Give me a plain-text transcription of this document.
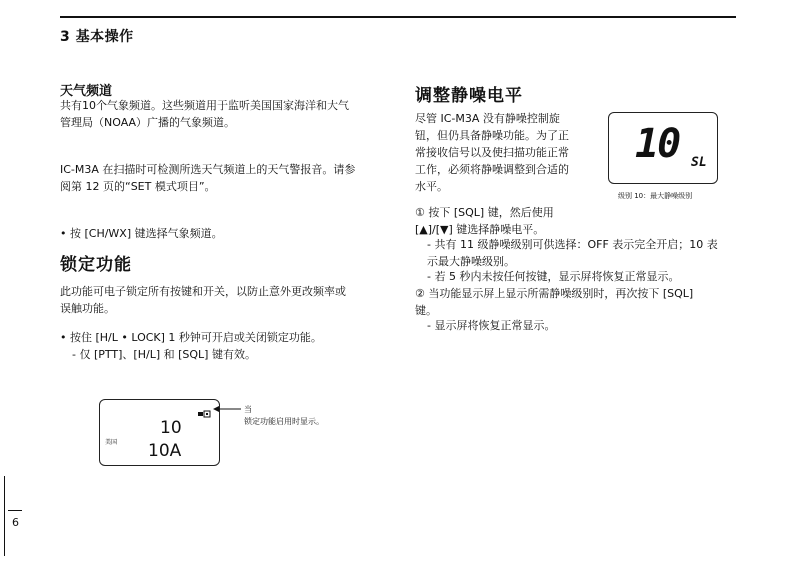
3 基本操作
天气频道
共有10个气象频道。这些频道用于监听美国国家海洋和大气
管理局（NOAA）广播的气象频道。
IC-M3A 在扫描时可检测所选天气频道上的天气警报音。请参
阅第 12 页的“SET 模式项目”。
• 按 [CH/WX] 键选择气象频道。
锁定功能
此功能可电子锁定所有按键和开关，以防止意外更改频率或
误触功能。
• 按住 [H/L • LOCK] 1 秒钟可开启或关闭锁定功能。
- 仅 [PTT]、[H/L] 和 [SQL] 键有效。
10
10A
美国
当
锁定功能启用时显示。
调整静噪电平
尽管 IC-M3A 没有静噪控制旋
钮，但仍具备静噪功能。为了正
常接收信号以及使扫描功能正常
工作，必须将静噪调整到合适的
水平。
10 SL
级别 10：最大静噪级别
① 按下 [SQL] 键，然后使用
[▲]/[▼] 键选择静噪电平。
- 共有 11 级静噪级别可供选择：OFF 表示完全开启；10 表
示最大静噪级别。
- 若 5 秒内未按任何按键，显示屏将恢复正常显示。
② 当功能显示屏上显示所需静噪级别时，再次按下 [SQL]
键。
- 显示屏将恢复正常显示。
6
